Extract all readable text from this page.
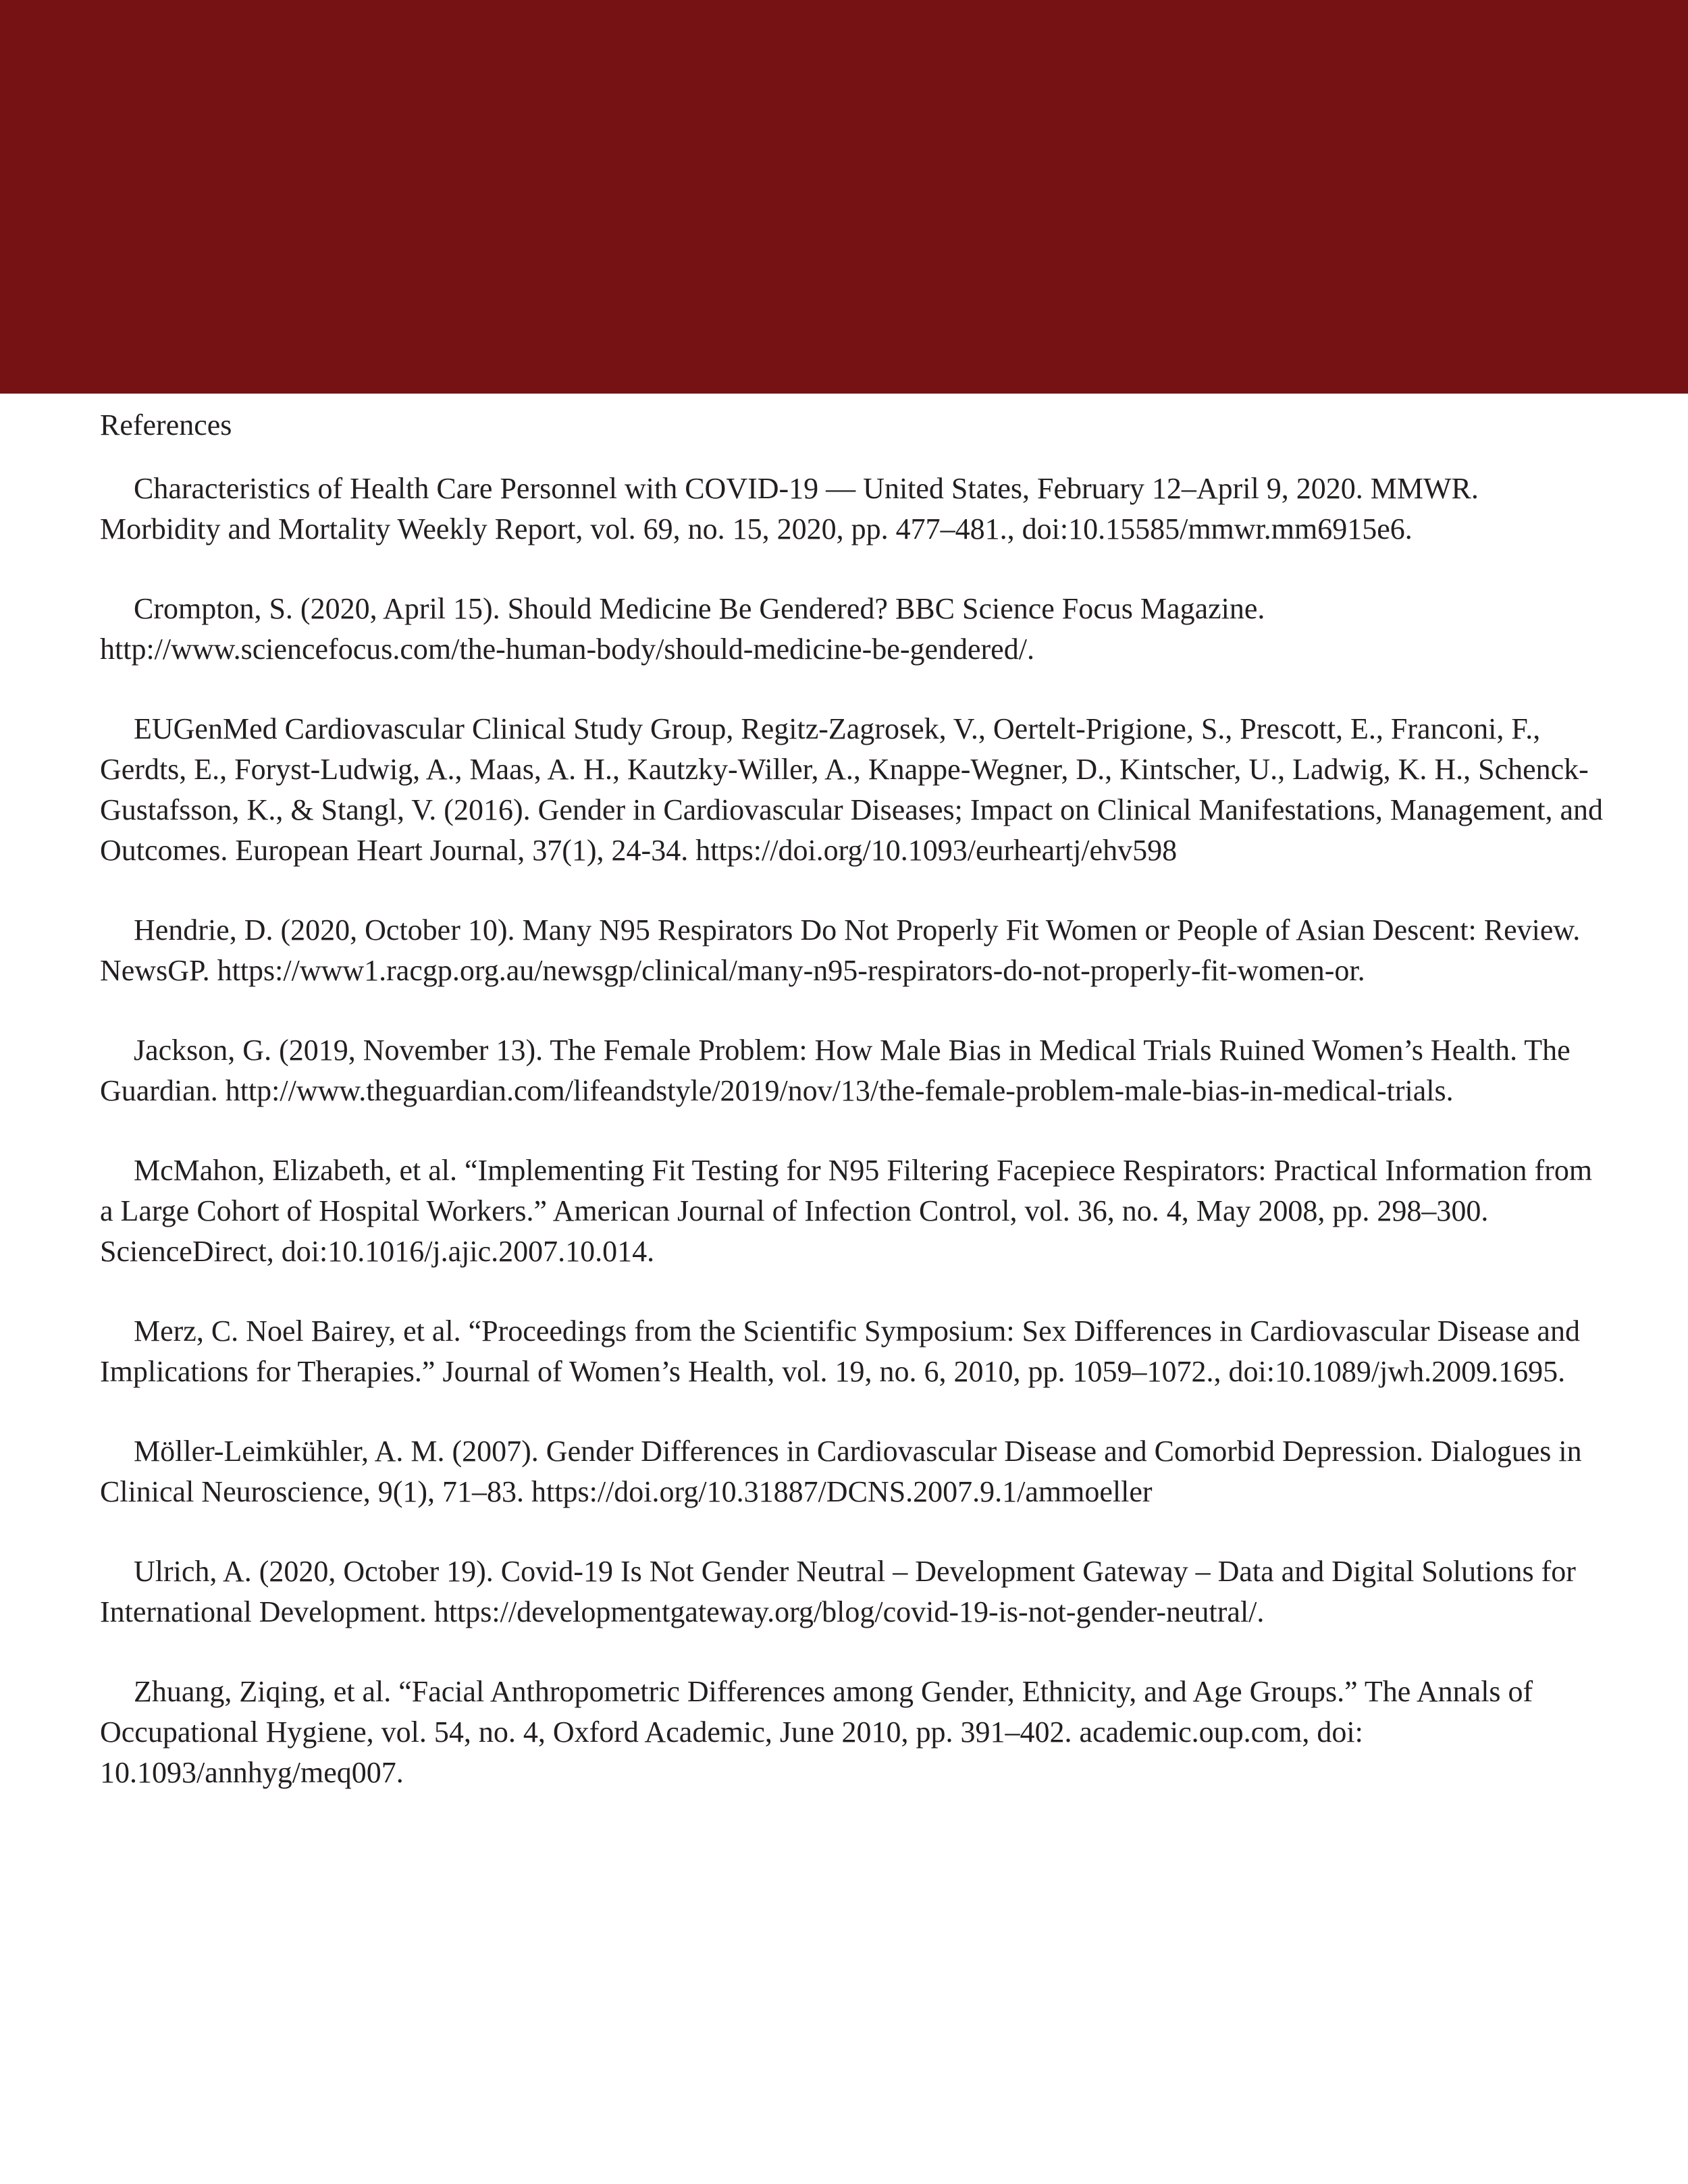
References

Characteristics of Health Care Personnel with COVID-19 — United States, February 12–April 9, 2020. MMWR. Morbidity and Mortality Weekly Report, vol. 69, no. 15, 2020, pp. 477–481., doi:10.15585/mmwr.mm6915e6.

Crompton, S. (2020, April 15). Should Medicine Be Gendered? BBC Science Focus Magazine. http://www.sciencefocus.com/the-human-body/should-medicine-be-gendered/.

EUGenMed Cardiovascular Clinical Study Group, Regitz-Zagrosek, V., Oertelt-Prigione, S., Prescott, E., Franconi, F., Gerdts, E., Foryst-Ludwig, A., Maas, A. H., Kautzky-Willer, A., Knappe-Wegner, D., Kintscher, U., Ladwig, K. H., Schenck-Gustafsson, K., & Stangl, V. (2016). Gender in Cardiovascular Diseases; Impact on Clinical Manifestations, Management, and Outcomes. European Heart Journal, 37(1), 24-34. https://doi.org/10.1093/eurheartj/ehv598

Hendrie, D. (2020, October 10). Many N95 Respirators Do Not Properly Fit Women or People of Asian Descent: Review. NewsGP. https://www1.racgp.org.au/newsgp/clinical/many-n95-respirators-do-not-properly-fit-women-or.

Jackson, G. (2019, November 13). The Female Problem: How Male Bias in Medical Trials Ruined Women’s Health. The Guardian. http://www.theguardian.com/lifeandstyle/2019/nov/13/the-female-problem-male-bias-in-medical-trials.

McMahon, Elizabeth, et al. “Implementing Fit Testing for N95 Filtering Facepiece Respirators: Practical Information from a Large Cohort of Hospital Workers.” American Journal of Infection Control, vol. 36, no. 4, May 2008, pp. 298–300. ScienceDirect, doi:10.1016/j.ajic.2007.10.014.

Merz, C. Noel Bairey, et al. “Proceedings from the Scientific Symposium: Sex Differences in Cardiovascular Disease and Implications for Therapies.” Journal of Women’s Health, vol. 19, no. 6, 2010, pp. 1059–1072., doi:10.1089/jwh.2009.1695.

Möller-Leimkühler, A. M. (2007). Gender Differences in Cardiovascular Disease and Comorbid Depression. Dialogues in Clinical Neuroscience, 9(1), 71–83. https://doi.org/10.31887/DCNS.2007.9.1/ammoeller

Ulrich, A. (2020, October 19). Covid-19 Is Not Gender Neutral – Development Gateway – Data and Digital Solutions for International Development. https://developmentgateway.org/blog/covid-19-is-not-gender-neutral/.

Zhuang, Ziqing, et al. “Facial Anthropometric Differences among Gender, Ethnicity, and Age Groups.” The Annals of Occupational Hygiene, vol. 54, no. 4, Oxford Academic, June 2010, pp. 391–402. academic.oup.com, doi: 10.1093/annhyg/meq007.
